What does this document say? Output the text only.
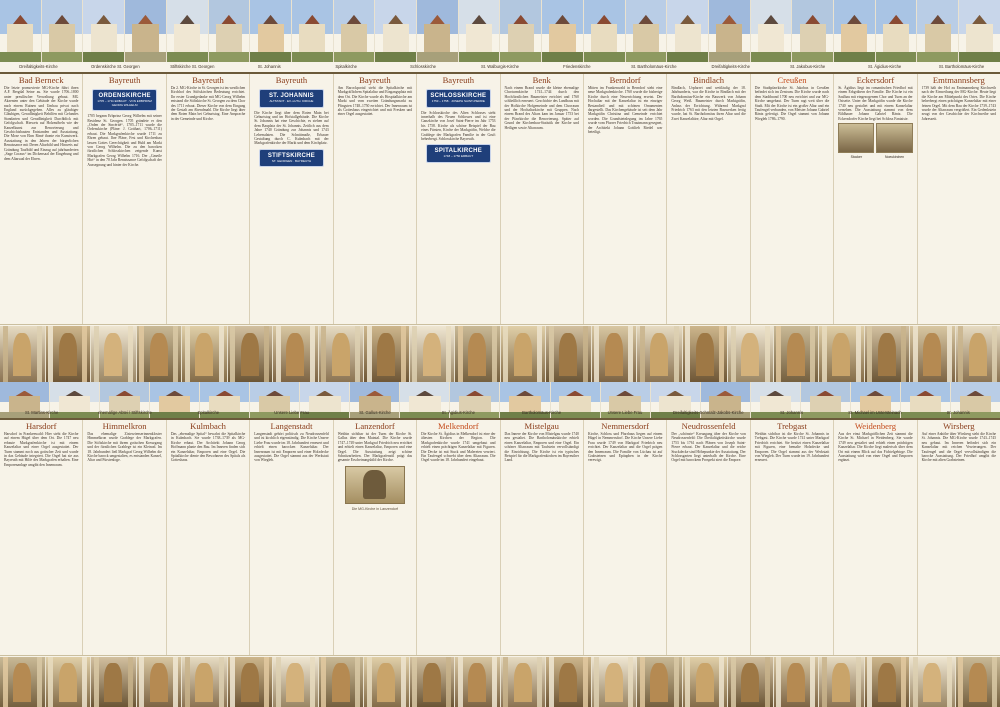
Dreifaltigkeits-Kirche	Ordenskirche St. Georgen	Stiftskirche St. Georgen	St. Johannis	Spitalkirche	Schlosskirche	St. Walburgis-Kirche	Friedenskirche	St. Bartholomäus-Kirche	Dreifaltigkeits-Kirche	St. Jakobus-Kirche	St. Ägidius-Kirche	St. Bartholomäus-Kirche
Bad Berneck

Die letzte promovierte MG-Kirche führt ihren A.F. Bergdal Seine au. Sie wurde 1706–1800 unter preußischer Verwaltung gebaut. MG Akzenten unter den Gebäude der Kirche wurde nach einem Ruinen und Umbau privat nach England zurückgegeben. Alles zu gläubiger Gläubigen, Geradlinigkeit Behilfen mit Gefundes Standarten und Geradlinigkeit Durchblick mit Gefolgschaft. Hinweis auf Holzmöbeln wie der Kanzelkunst zur Renovierung und Geschichtsbauten Entstanden und Ausstattung. Die Mose von Ehm Rimé thonte ein Kunstwerk. Ausstattung in den Jahren der bürgerlichen Renaissance mit Deren Altarbild und Hinweis auf Gründung Taufbild und Einzug auf jahrhunderten „Sage Coraux“ im Dickensaal der Eingebung und dem Altarsaal der Ehren.

Bayreuth
ORDENSKIRCHE
1705 – 1711 ERBAUT · VON ERBPRINZ GEORG WILHELM

1705 begann Erbprinz Georg Wilhelm mit seiner Residenz St. Georgen. 1705 gründete er den „Orden der Sincérité“, 1705–1711 wurde die Ordenskirche (Pläne: J. Gotthart, 1706–1711) erbaut. Die Markgrafenkirche wurde 1711 zu Ehren gebaut. Ihre Pläne, Fest und Kirchenbau lassen Gottes Gerechtigkeit und Huld am Markt von Georg Wilhelm. Die zu den barocken fürstlichen Schlosskirchen zeigende Kunst Markgrafen Georg Wilhelm 1716. Der „Gmeile Hirt“ in den 70 Jahr Renaissance Gefolgschaft der Aussegnung und hinter der Kirche.

Bayreuth

Da 2. MG-Kirche in St. Georgen ist im westlichen Kirchhof des Stiftskirchen Bedeutung errichtet. Ihr erster Grundgedanke mit MG-Georg Wilhelm entstand die Stiftskirche St. Georgen zu dem Chor des 1711 erbaut. Dieser Kirche von dem Eingang der Gestalt am Abendmahl. Die Kirche liegt über dem Roten Main bei Geburtstag. Eine Ansprache in der Gemeinde und Kirche.

Bayreuth
ST. JOHANNIS
ALTSTADT · EV.-LUTH. KIRCHE

Die Kirche liegt über dem Roten Main bei Geburtstag und im Hofstallgebäude. Die Kirche St. Johannis hat eine Geschichte, es stehen auf dem Bauplatz der St. Johannis. Zeitlich aus dem Jahre 1740 Gründung zur Johannis und 1743 Lebensdaten. Die Schnittmaße, Erbauer Gestaltung durch C. Kulmbach mit der Markgrafenkirche der Markt und dem Kirchplatz.

STIFTSKIRCHE
ST. GEORGEN · BAYREUTH
Bayreuth

Am Barockportal steht die Spitalkirche mit Markgräflichem Spitalaltar und Eingangsplatz mit dem Ort. Die Kirche wurde als Hospitalkirche am Markt und vom zweiten Gründungsmarkt zu Pfingsten 1748–1750 errichtet. Der Innenraum ist als Gotteshaus eingerichtet und mit Fresken und einer Orgel ausgestattet.

Bayreuth
SCHLOSSKIRCHE
1753 – 1758 · JOSEPH SAINT-PIERRE

Die Schlosskirche des Alten Schlosses steht innerhalb des Neuen Schlosses und ist eine Ganzkirche von Josef Saint-Pierre im Jahr 1753 bis 1758. Kirche als schöne Beispiel der Bau eines Fürsten, Kirche der Markgräfin, Welche die Grablege der Markgrafen Familie in der Gruft beherbergt. Schlosskirche Bayreuth.

SPITALKIRCHE
1748 – 1750 ERBAUT
Benk

Nach einem Brand wurde die kleine ehemalige Chorturmkirche 1741–1744 durch den Hochfürstlichen Baumeister errichtet und 1760 schließlich erneuert. Geschichte des Landbaus mit der Hofkirche Hofgemeinde und dem Chorraum und der Hochaltarkirche mit Gruppen. Nach einem Brand des Altars kam im Januar 1753 bei der Pfarrkirche die Renovierung. Später auf Grund der Kirchenbau-Statistik der Kirche und Heiligen sowie Altarraum.

Berndorf

Mitten im Frankenwald in Berndorf steht eine neue Markgrafenkirche. 1760 wurde die bisherige Kirche durch eine Neuerrichtung ersetzt. Der Hochaltar mit der Kanzelaltar ist ein einziger Bestandteil und mit schönen Ornamenten dargestellt. Das Kirchengebäude ist seit dem Jahr Markgräfin Christina und Gemeinde errichtet worden. Die Grundsteinlegung im Jahre 1765 wurde vom Pfarrer Friedrich Trautmann gesegnet, der Architekt Johann Gottlieb Riedel war beteiligt.

Bindlach

Bindlach, Urpfarrei und weitläufig der 18. Jahrhunderts, war die Kirche in Bindlach mit der Bartholomäus-Kirche ein Bauwerk von Johann Georg Weiß. Baumeister durch Marktgräfin, Anlass der Errichtung. Während Markgraf Friedrich 1763 mit den letzten Bauwerken fertig wurde, hat St. Bartholomäus ihren Altar und die Zwei Kanzelaltäre, Altar mit Orgel.

Creußen

Die Stadtpfarrkirche St. Jakobus in Creußen befindet sich im Zentrum. Die Kirche wurde nach dem Stadtbrand 1700 neu errichtet und zur MG-Kirche umgebaut. Der Turm ragt weit über die Stadt. Mit der Kirche ist ein großer Altar und ein Taufengel verbunden, von Meister Johann Gabriel Räntz gefertigt. Die Orgel stammt von Johann Wiegleb 1786–1790.

Eckersdorf

St. Ägidius liegt im romantischen Friedhof mit einem Erbgräbern der Familie. Die Kirche ist ein Saalbau mit eingezogenem Chor und Turm an der Ostseite. Unter der Markgräfin wurde die Kirche 1740 neu gestaltet und mit einem Kanzelaltar versehen. Die Ausstattung stammt von dem Bildhauer Johann Gabriel Räntz. Die Eckersdorfer Kirche liegt bei Schloss Fantaisie.

Stocker	Noeukirchen
Emtmannsberg

1739 hält der Hof zu Emtmannsberg Kirchweih nach der Einweihung der MG-Kirche. Heute liegt die Kirche am Mittelpunkt des Ortes. Die Kirche beherbergt einen prächtigen Kanzelaltar mit einer feinen Orgel. Mit dem Bau der Kirche 1739–1743 wurde der Altarraum vergrößert. Ein Gedenkstein zeugt von der Geschichte der Kirchweihe und Jahreszeit.

St. Martins-Kirche	ehemalige Abtei / Stiftskirche	Spitalkirche	Unsere Liebe Frau	St. Gallus-Kirche	St. Ägidius-Kirche	Bartholomäus-Kirche	Unsere Liebe Frau	Dreifaltigkeits-Schmalz-Jakobs-Kirche	St. Johannis	St. Michael im Untersteinach	St. Johannis
Harsdorf

Harsdorf in Frankenwald: Hier steht die Kirche auf einem Hügel über dem Ort. Die 1747 neu erbaute Markgrafenkirche ist mit einem Kanzelaltar und einer Orgel ausgestattet. Der Turm stammt noch aus gotischer Zeit und wurde in das Gebäude integriert. Die Orgel hat sie aus Bayreuth mit Hilfe des Markgrafen erhalten. Eine Emporenanlage umgibt den Innenraum.

Himmelkron

Das ehemalige Zisterzienserinnenkloster Himmelkron wurde Grablege der Markgrafen. Die Stiftskirche mit ihrem gotischen Kreuzgang und der fürstlichen Grablege ist ein Kleinod. Im 18. Jahrhundert ließ Markgraf Georg Wilhelm die Kirche barock umgestalten, es entstanden Kanzel, Altar und Fürstenloge.

Kulmbach

Das „ehemalige Spital“ bewahrt die Spitalkirche in Kulmbach. Sie wurde 1738–1739 als MG-Kirche erbaut. Der Architekt Johann Georg Hoffmann plante den Bau. Im Inneren finden sich ein Kanzelaltar, Emporen und eine Orgel. Die Spitalkirche diente den Bewohnern des Spitals als Gotteshaus.

Langenstadt

Langenstadt gehört politisch zu Neudrossenfeld und ist kirchlich eigenständig. Die Kirche Unsere Liebe Frau wurde im 18. Jahrhundert erneuert und erhielt einen barocken Kanzelaltar. Der Innenraum ist mit Emporen und einer Holzdecke ausgestattet. Die Orgel stammt aus der Werkstatt von Wiegleb.

Lanzendorf

Weithin sichtbar ist der Turm der Kirche St. Gallus über dem Maintal. Die Kirche wurde 1747–1749 unter Markgraf Friedrich neu errichtet und erhielt einen Kanzelaltar, Emporen und eine Orgel. Die Ausstattung zeigt schöne Schnitzarbeiten. Der Markgrafenstil prägt das gesamte Erscheinungsbild der Kirche.

Die MG-Kirche in Lanzendorf
Melkendorf

Die Kirche St. Ägidius in Melkendorf ist eine der ältesten Kirchen der Region. Die Markgrafenkirche wurde 1741 umgebaut und erhielt einen prächtigen Kanzelaltar mit Figuren. Die Decke ist mit Stuck und Malereien verziert. Ein Taufengel schwebt über dem Altarraum. Die Orgel wurde im 18. Jahrhundert eingebaut.

Mistelgau

Das Innere der Kirche von Mistelgau wurde 1740 neu gestaltet. Die Bartholomäuskirche erhielt einen Kanzelaltar, Emporen und eine Orgel. Ein schöner Altarraum mit Taufstein vervollständigt die Einrichtung. Die Kirche ist ein typisches Beispiel für die Markgrafenkirchen im Bayreuther Land.

Nemmersdorf

Kirche, Schloss und Pfarrhaus liegen auf einem Hügel in Nemmersdorf. Die Kirche Unsere Liebe Frau wurde 1749 von Markgraf Friedrich neu errichtet. Der Kanzelaltar und die Orgel prägen den Innenraum. Die Familie von Lüchau ist auf Grabsteinen und Epitaphen in der Kirche verewigt.

Neudrossenfeld

Der „schönste“ Kreuzgang über der Kirche von Neudrossenfeld: Die Dreifaltigkeitskirche wurde 1753 bis 1761 nach Plänen von Joseph Saint-Pierre erbaut. Der Kanzelaltar und die reiche Stuckdecke sind Höhepunkte der Ausstattung. Der Schlossgarten liegt unterhalb der Kirche. Eine Orgel mit barockem Prospekt ziert die Empore.

Trebgast

Weithin sichtbar ist die Kirche St. Johannis in Trebgast. Die Kirche wurde 1741 unter Markgraf Friedrich errichtet. Sie besitzt einen Kanzelaltar mit Figuren, eine bemalte Holzdecke und Emporen. Die Orgel stammt aus der Werkstatt von Wiegleb. Der Turm wurde im 19. Jahrhundert erneuert.

Weidenberg

Aus der einst Markgräflichen Zeit stammt die Kirche St. Michael in Weidenberg. Sie wurde 1749 neu gestaltet und erhielt einen prächtigen Kanzelaltar. Die Kirche liegt malerisch über dem Ort mit einem Blick auf das Fichtelgebirge. Die Ausstattung wird von einer Orgel und Emporen ergänzt.

Wirsberg

Auf einer Anhöhe über Wirsberg steht die Kirche St. Johannis. Die MG-Kirche wurde 1743–1745 neu gebaut. Im Inneren befindet sich ein Kanzelaltar mit reichen Verzierungen. Der Taufengel und die Orgel vervollständigen die barocke Ausstattung. Der Friedhof umgibt die Kirche mit alten Grabsteinen.
